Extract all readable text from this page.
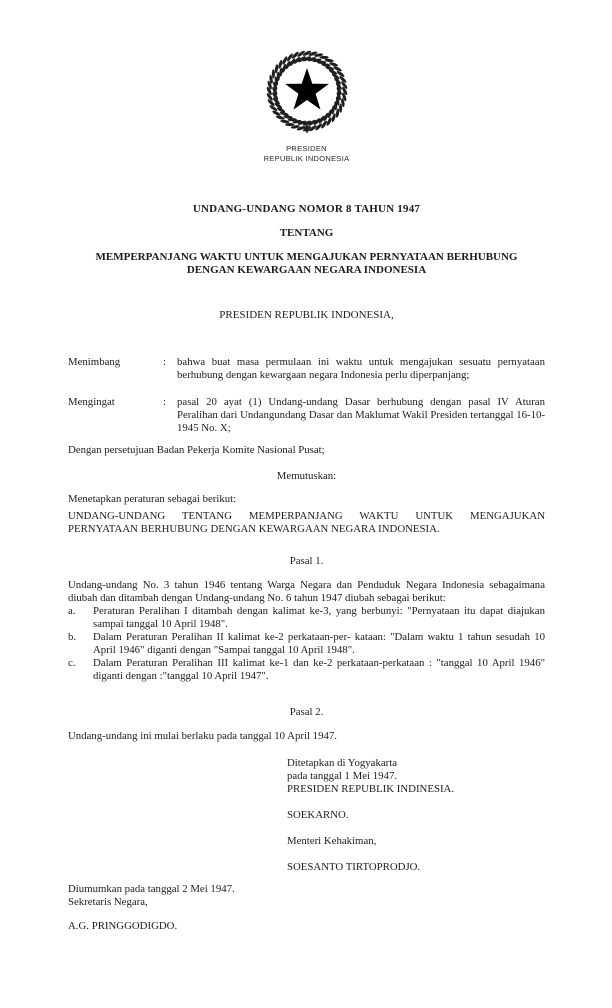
PRESIDEN
REPUBLIK INDONESIA
UNDANG-UNDANG NOMOR 8 TAHUN 1947
TENTANG
MEMPERPANJANG WAKTU UNTUK MENGAJUKAN PERNYATAAN BERHUBUNG DENGAN KEWARGAAN NEGARA INDONESIA
PRESIDEN REPUBLIK INDONESIA,
Menimbang	:	bahwa buat masa permulaan ini waktu untuk mengajukan sesuatu pernyataan berhubung dengan kewargaan negara Indonesia perlu diperpanjang;
Mengingat	:	pasal 20 ayat (1) Undang-undang Dasar berhubung dengan pasal IV Aturan Peralihan dari Undangundang Dasar dan Maklumat Wakil Presiden tertanggal 16-10-1945 No. X;
Dengan persetujuan Badan Pekerja Komite Nasional Pusat;
Memutuskan:
Menetapkan peraturan sebagai berikut:
UNDANG-UNDANG TENTANG MEMPERPANJANG WAKTU UNTUK MENGAJUKAN PERNYATAAN BERHUBUNG DENGAN KEWARGAAN NEGARA INDONESIA.
Pasal 1.
Undang-undang No. 3 tahun 1946 tentang Warga Negara dan Penduduk Negara Indonesia sebagaimana diubah dan ditambah dengan Undang-undang No. 6 tahun 1947 diubah sebagai berikut:
a.	Peraturan Peralihan I ditambah dengan kalimat ke-3, yang berbunyi: "Pernyataan itu dapat diajukan sampai tanggal 10 April 1948".
b.	Dalam Peraturan Peralihan II kalimat ke-2 perkataan-per- kataan: "Dalam waktu 1 tahun sesudah 10 April 1946" diganti dengan "Sampai tanggal 10 April 1948".
c.	Dalam Peraturan Peralihan III kalimat ke-1 dan ke-2 perkataan-perkataan : "tanggal 10 April 1946" diganti dengan :"tanggal 10 April 1947".
Pasal 2.
Undang-undang ini mulai berlaku pada tanggal 10 April 1947.
Ditetapkan di Yogyakarta
pada tanggal 1 Mei 1947.
PRESIDEN REPUBLIK INDINESIA.
SOEKARNO.
Menteri Kehakiman,
SOESANTO TIRTOPRODJO.
Diumumkan pada tanggal 2 Mei 1947.
Sekretaris Negara,
A.G. PRINGGODIGDO.
